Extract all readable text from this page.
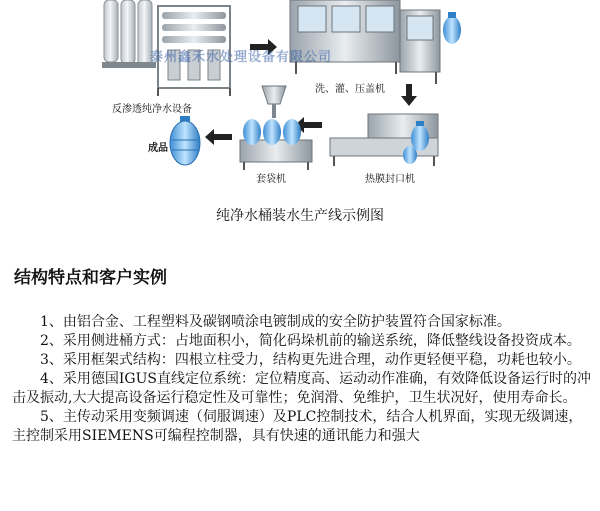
泰州鑫禾水处理设备有限公司
反渗透纯净水设备
洗、灌、压盖机
成品
套袋机	热膜封口机
纯净水桶装水生产线示例图
结构特点和客户实例

1、由铝合金、工程塑料及碳钢喷涂电镀制成的安全防护装置符合国家标准。

2、采用侧进桶方式：占地面积小，简化码垛机前的输送系统，降低整线设备投资成本。

3、采用框架式结构：四根立柱受力，结构更先进合理，动作更轻便平稳，功耗也较小。

4、采用德国IGUS直线定位系统：定位精度高、运动动作准确，有效降低设备运行时的冲击及振动,大大提高设备运行稳定性及可靠性；免润滑、免维护，卫生状况好，使用寿命长。

5、主传动采用变频调速（伺服调速）及PLC控制技术，结合人机界面，实现无级调速，主控制采用SIEMENS可编程控制器，具有快速的通讯能力和强大
